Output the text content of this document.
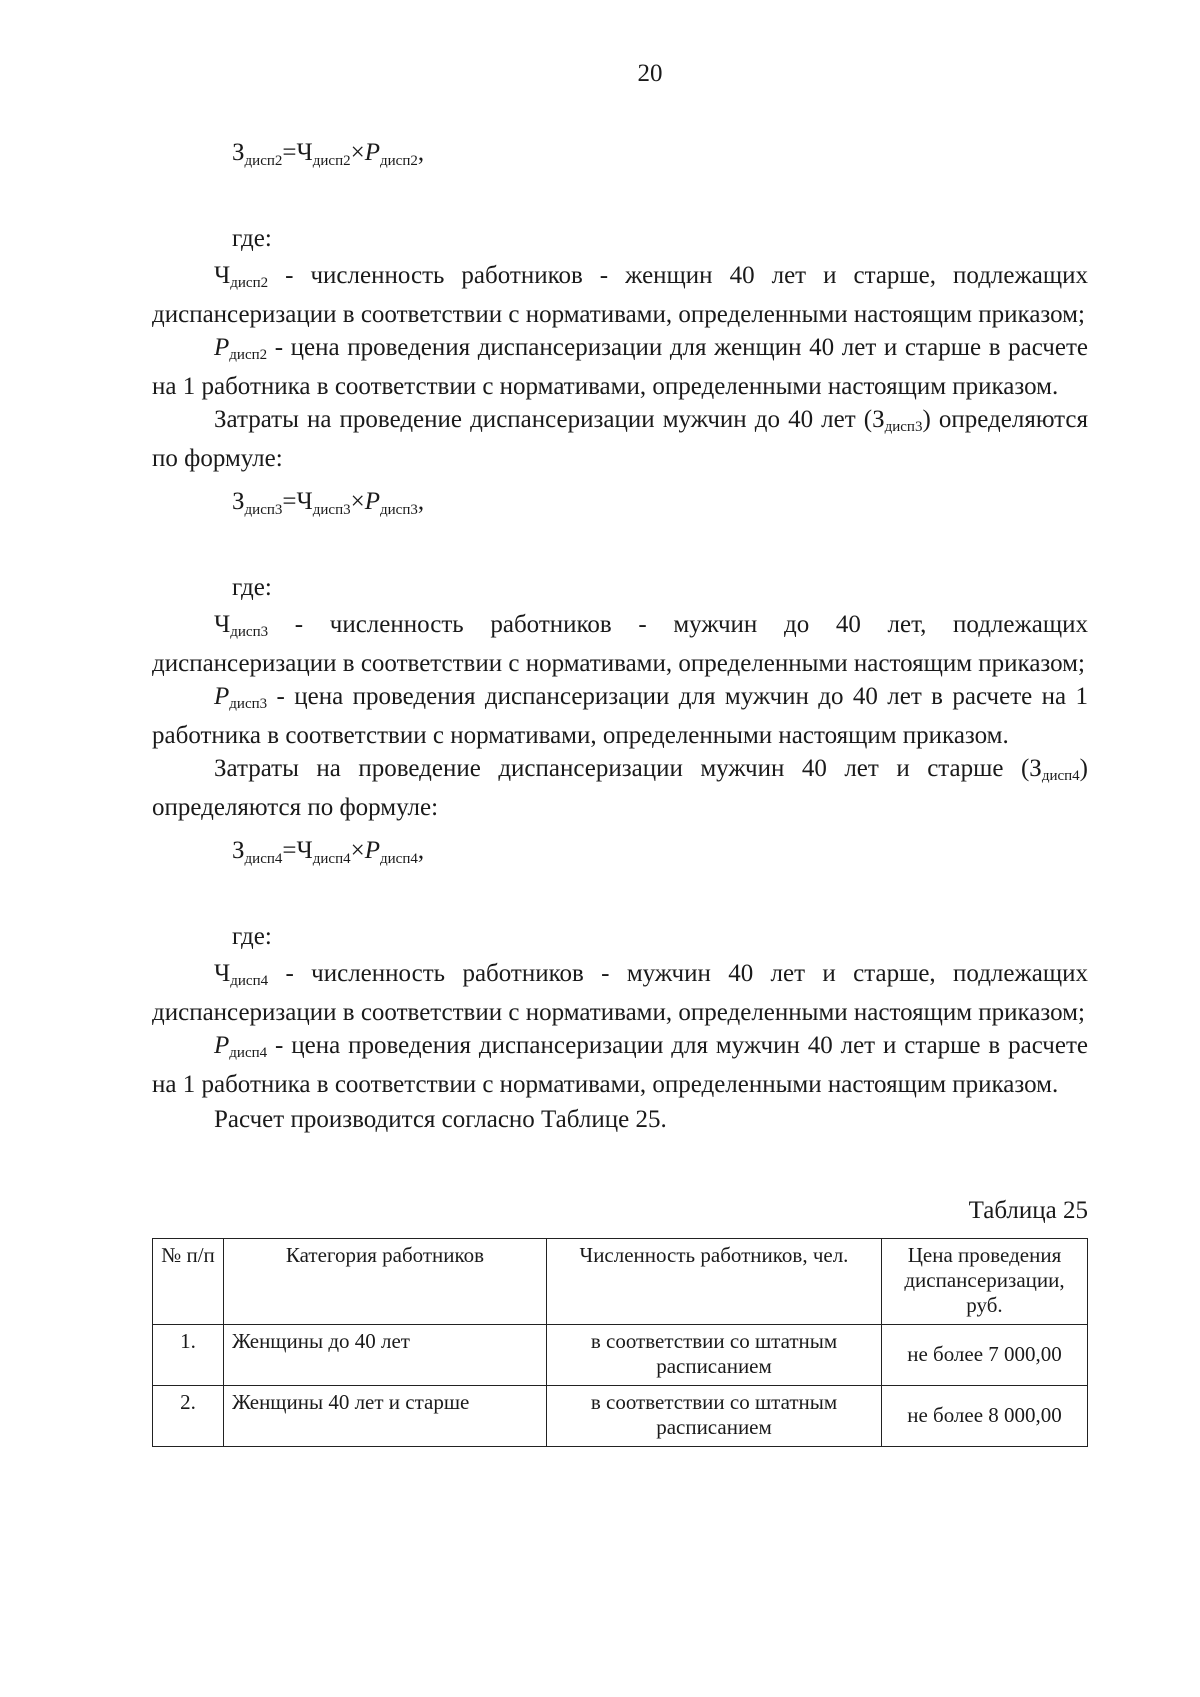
20
$З_{дисп2}=Ч_{дисп2}\times P_{дисп2}$,
где:

$Ч_{дисп2}$ - численность работников - женщин 40 лет и старше, подлежащих диспансеризации в соответствии с нормативами, определенными настоящим приказом;

$P_{дисп2}$ - цена проведения диспансеризации для женщин 40 лет и старше в расчете на 1 работника в соответствии с нормативами, определенными настоящим приказом.

Затраты на проведение диспансеризации мужчин до 40 лет $(З_{дисп3})$ определяются по формуле:

$З_{дисп3}=Ч_{дисп3}\times P_{дисп3}$,
где:

$Ч_{дисп3}$ - численность работников - мужчин до 40 лет, подлежащих диспансеризации в соответствии с нормативами, определенными настоящим приказом;

$P_{дисп3}$ - цена проведения диспансеризации для мужчин до 40 лет в расчете на 1 работника в соответствии с нормативами, определенными настоящим приказом.

Затраты на проведение диспансеризации мужчин 40 лет и старше $(З_{дисп4})$ определяются по формуле:

$З_{дисп4}=Ч_{дисп4}\times P_{дисп4}$,
где:

$Ч_{дисп4}$ - численность работников - мужчин 40 лет и старше, подлежащих диспансеризации в соответствии с нормативами, определенными настоящим приказом;

$P_{дисп4}$ - цена проведения диспансеризации для мужчин 40 лет и старше в расчете на 1 работника в соответствии с нормативами, определенными настоящим приказом.

Расчет производится согласно Таблице 25.

Таблица 25
№ п/п	Категория работников	Численность работников, чел.	Цена проведения диспансеризации, руб.
1.	Женщины до 40 лет	в соответствии со штатным расписанием	не более 7 000,00
2.	Женщины 40 лет и старше	в соответствии со штатным расписанием	не более 8 000,00
